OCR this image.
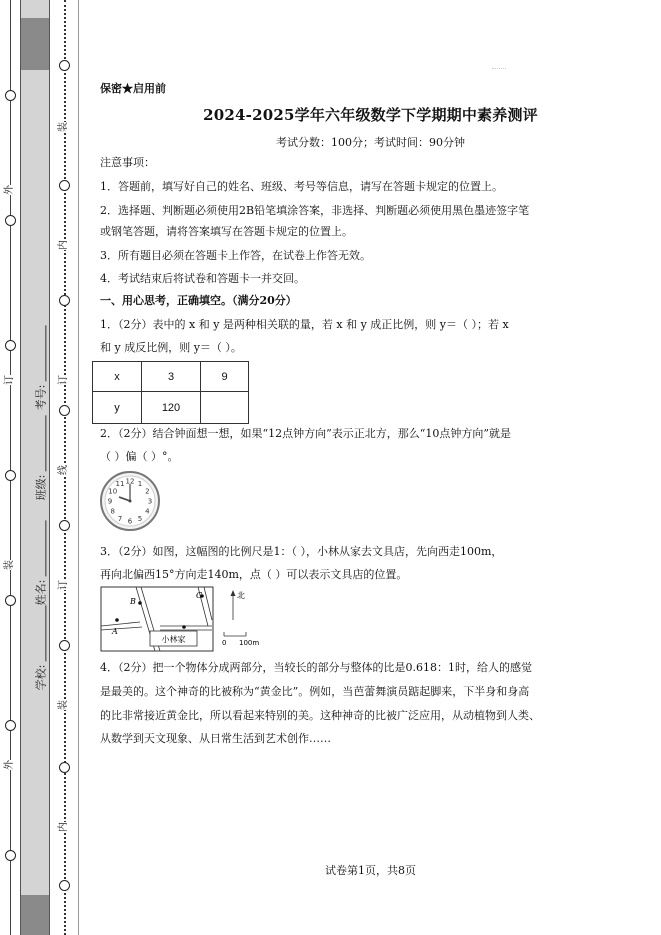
装
内
订
线
订
装
内
外
订
装
外
学校:
姓名:
班级:
考号:
保密★启用前
2024-2025学年六年级数学下学期期中素养测评
考试分数：100分；考试时间：90分钟
注意事项：
1．答题前，填写好自己的姓名、班级、考号等信息，请写在答题卡规定的位置上。
2．选择题、判断题必须使用2B铅笔填涂答案，非选择、判断题必须使用黑色墨迹签字笔
或钢笔答题，请将答案填写在答题卡规定的位置上。
3．所有题目必须在答题卡上作答，在试卷上作答无效。
4．考试结束后将试卷和答题卡一并交回。
一、用心思考，正确填空。（满分20分）
1．（2分）表中的 x 和 y 是两种相关联的量，若 x 和 y 成正比例，则 y＝（ ）；若 x
和 y 成反比例，则 y＝（ ）。
x	3	9
y	120	
2．（2分）结合钟面想一想，如果“12点钟方向”表示正北方，那么“10点钟方向”就是
（ ）偏（ ）°。
12 1
2
3
4
5
6
7
8
9
10
11
3．（2分）如图，这幅图的比例尺是1：（ ），小林从家去文具店，先向西走100m，
再向北偏西15°方向走140m，点（ ）可以表示文具店的位置。
B
C
A
小林家
北
0 100m
4．（2分）把一个物体分成两部分，当较长的部分与整体的比是0.618：1时，给人的感觉
是最美的。这个神奇的比被称为“黄金比”。例如，当芭蕾舞演员踮起脚来，下半身和身高
的比非常接近黄金比，所以看起来特别的美。这种神奇的比被广泛应用，从动植物到人类、
从数学到天文现象、从日常生活到艺术创作……
试卷第1页，共8页
